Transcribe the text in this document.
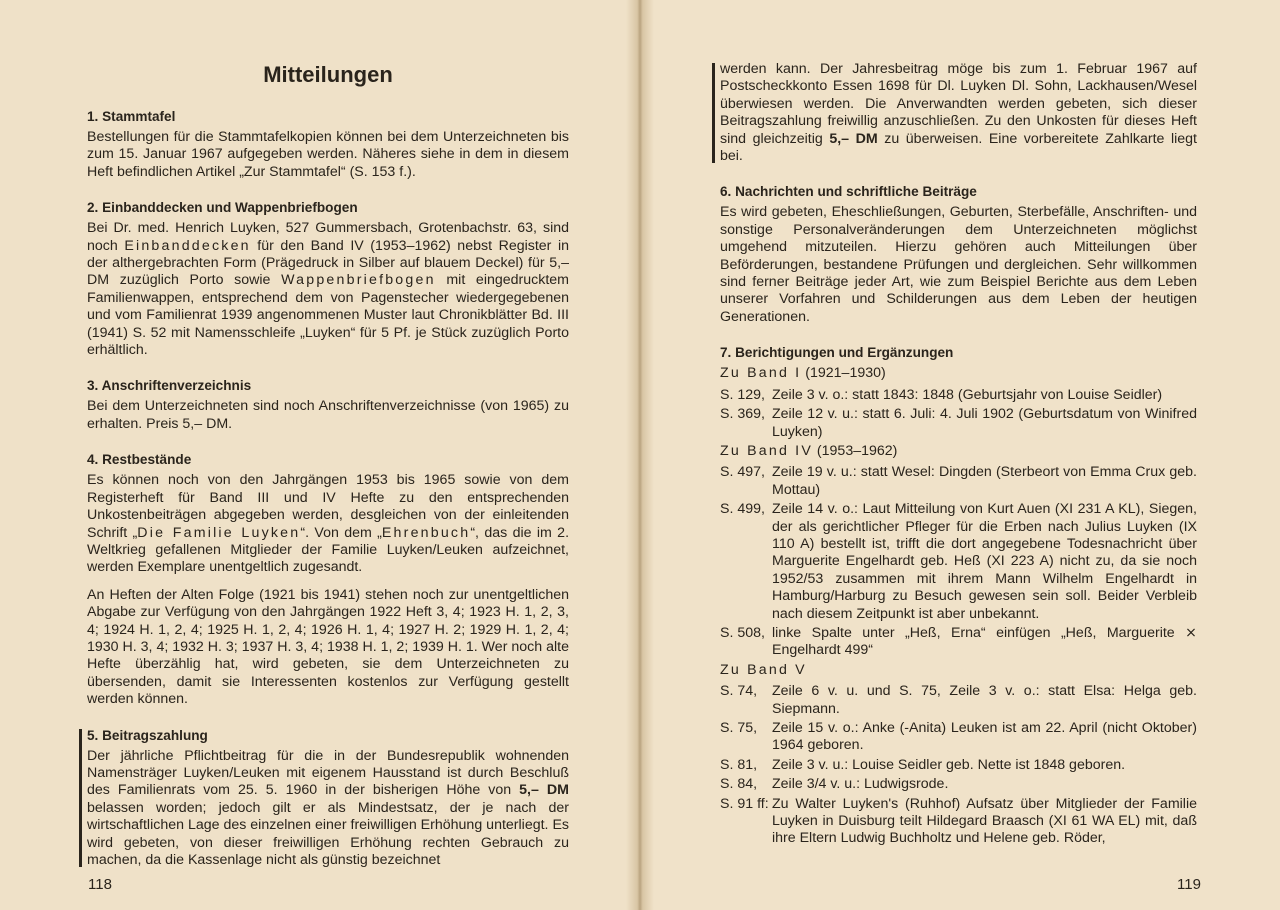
Mitteilungen
1. Stammtafel

Bestellungen für die Stammtafelkopien können bei dem Unterzeichneten bis zum 15. Januar 1967 aufgegeben werden. Näheres siehe in dem in diesem Heft befindlichen Artikel „Zur Stammtafel“ (S. 153 f.).

2. Einbanddecken und Wappenbriefbogen

Bei Dr. med. Henrich Luyken, 527 Gummersbach, Grotenbachstr. 63, sind noch Einbanddecken für den Band IV (1953–1962) nebst Register in der althergebrachten Form (Prägedruck in Silber auf blauem Deckel) für 5,– DM zuzüglich Porto sowie Wappenbriefbogen mit eingedrucktem Familienwappen, entsprechend dem von Pagenstecher wiedergegebenen und vom Familienrat 1939 angenommenen Muster laut Chronikblätter Bd. III (1941) S. 52 mit Namensschleife „Luyken“ für 5 Pf. je Stück zuzüglich Porto erhältlich.

3. Anschriftenverzeichnis

Bei dem Unterzeichneten sind noch Anschriftenverzeichnisse (von 1965) zu erhalten. Preis 5,– DM.

4. Restbestände

Es können noch von den Jahrgängen 1953 bis 1965 sowie von dem Registerheft für Band III und IV Hefte zu den entsprechenden Unkostenbeiträgen abgegeben werden, desgleichen von der einleitenden Schrift „Die Familie Luyken“. Von dem „Ehrenbuch“, das die im 2. Weltkrieg gefallenen Mitglieder der Familie Luyken/Leuken aufzeichnet, werden Exemplare unentgeltlich zugesandt.

An Heften der Alten Folge (1921 bis 1941) stehen noch zur unentgeltlichen Abgabe zur Verfügung von den Jahrgängen 1922 Heft 3, 4; 1923 H. 1, 2, 3, 4; 1924 H. 1, 2, 4; 1925 H. 1, 2, 4; 1926 H. 1, 4; 1927 H. 2; 1929 H. 1, 2, 4; 1930 H. 3, 4; 1932 H. 3; 1937 H. 3, 4; 1938 H. 1, 2; 1939 H. 1. Wer noch alte Hefte überzählig hat, wird gebeten, sie dem Unterzeichneten zu übersenden, damit sie Interessenten kostenlos zur Verfügung gestellt werden können.

5. Beitragszahlung

Der jährliche Pflichtbeitrag für die in der Bundesrepublik wohnenden Namensträger Luyken/Leuken mit eigenem Hausstand ist durch Beschluß des Familienrats vom 25. 5. 1960 in der bisherigen Höhe von 5,– DM belassen worden; jedoch gilt er als Mindestsatz, der je nach der wirtschaftlichen Lage des einzelnen einer freiwilligen Erhöhung unterliegt. Es wird gebeten, von dieser freiwilligen Erhöhung rechten Gebrauch zu machen, da die Kassenlage nicht als günstig bezeichnet

118

werden kann. Der Jahresbeitrag möge bis zum 1. Februar 1967 auf Postscheckkonto Essen 1698 für Dl. Luyken Dl. Sohn, Lackhausen/Wesel überwiesen werden. Die Anverwandten werden gebeten, sich dieser Beitragszahlung freiwillig anzuschließen. Zu den Unkosten für dieses Heft sind gleichzeitig 5,– DM zu überweisen. Eine vorbereitete Zahlkarte liegt bei.

6. Nachrichten und schriftliche Beiträge

Es wird gebeten, Eheschließungen, Geburten, Sterbefälle, Anschriften- und sonstige Personalveränderungen dem Unterzeichneten möglichst umgehend mitzuteilen. Hierzu gehören auch Mitteilungen über Beförderungen, bestandene Prüfungen und dergleichen. Sehr willkommen sind ferner Beiträge jeder Art, wie zum Beispiel Berichte aus dem Leben unserer Vorfahren und Schilderungen aus dem Leben der heutigen Generationen.

7. Berichtigungen und Ergänzungen
Zu Band I (1921–1930)
S. 129, Zeile 3 v. o.: statt 1843: 1848 (Geburtsjahr von Louise Seidler)
S. 369, Zeile 12 v. u.: statt 6. Juli: 4. Juli 1902 (Geburtsdatum von Winifred Luyken)
Zu Band IV (1953–1962)
S. 497, Zeile 19 v. u.: statt Wesel: Dingden (Sterbeort von Emma Crux geb. Mottau)
S. 499, Zeile 14 v. o.: Laut Mitteilung von Kurt Auen (XI 231 A KL), Siegen, der als gerichtlicher Pfleger für die Erben nach Julius Luyken (IX 110 A) bestellt ist, trifft die dort angegebene Todesnachricht über Marguerite Engelhardt geb. Heß (XI 223 A) nicht zu, da sie noch 1952/53 zusammen mit ihrem Mann Wilhelm Engelhardt in Hamburg/Harburg zu Besuch gewesen sein soll. Beider Verbleib nach diesem Zeitpunkt ist aber unbekannt.
S. 508, linke Spalte unter „Heß, Erna“ einfügen „Heß, Marguerite ⨯ Engelhardt 499“
Zu Band V
S. 74,	Zeile 6 v. u. und S. 75, Zeile 3 v. o.: statt Elsa: Helga geb. Siepmann.
S. 75,	Zeile 15 v. o.: Anke (-Anita) Leuken ist am 22. April (nicht Oktober) 1964 geboren.
S. 81,	Zeile 3 v. u.: Louise Seidler geb. Nette ist 1848 geboren.
S. 84,	Zeile 3/4 v. u.: Ludwigsrode.
S. 91 ff: Zu Walter Luyken's (Ruhhof) Aufsatz über Mitglieder der Familie Luyken in Duisburg teilt Hildegard Braasch (XI 61 WA EL) mit, daß ihre Eltern Ludwig Buchholtz und Helene geb. Röder,
119
